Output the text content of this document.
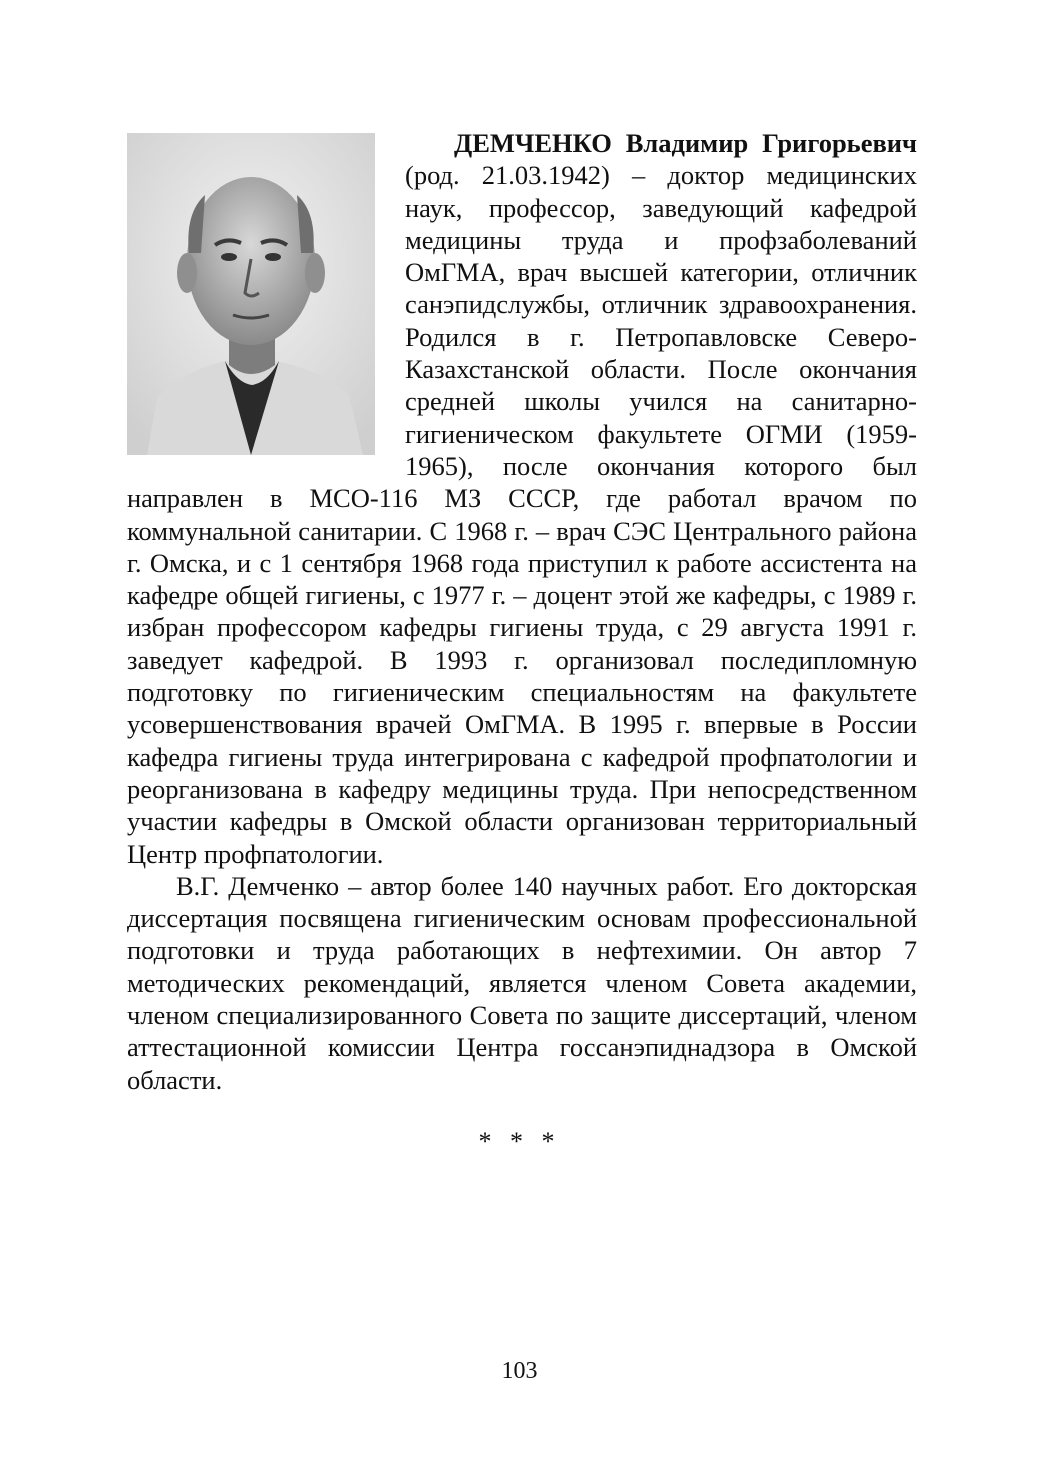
ДЕМЧЕНКО Владимир Григорьевич (род. 21.03.1942) – доктор медицинских наук, профессор, заведующий кафедрой медицины труда и профзаболеваний ОмГМА, врач высшей категории, отличник санэпидслужбы, отличник здравоохранения. Родился в г. Петропавловске Северо-Казахстанской области. После окончания средней школы учился на санитарно-гигиеническом факультете ОГМИ (1959-1965), после окончания которого был направлен в МСО-116 МЗ СССР, где работал врачом по коммунальной санитарии. С 1968 г. – врач СЭС Центрального района г. Омска, и с 1 сентября 1968 года приступил к работе ассистента на кафедре общей гигиены, с 1977 г. – доцент этой же кафедры, с 1989 г. избран профессором кафедры гигиены труда, с 29 августа 1991 г. заведует кафедрой. В 1993 г. организовал последипломную подготовку по гигиеническим специальностям на факультете усовершенствования врачей ОмГМА. В 1995 г. впервые в России кафедра гигиены труда интегрирована с кафедрой профпатологии и реорганизована в кафедру медицины труда. При непосредственном участии кафедры в Омской области организован территориальный Центр профпатологии.

В.Г. Демченко – автор более 140 научных работ. Его докторская диссертация посвящена гигиеническим основам профессиональной подготовки и труда работающих в нефтехимии. Он автор 7 методических рекомендаций, является членом Совета академии, членом специализированного Совета по защите диссертаций, членом аттестационной комиссии Центра госсанэпиднадзора в Омской области.

* * *
103
